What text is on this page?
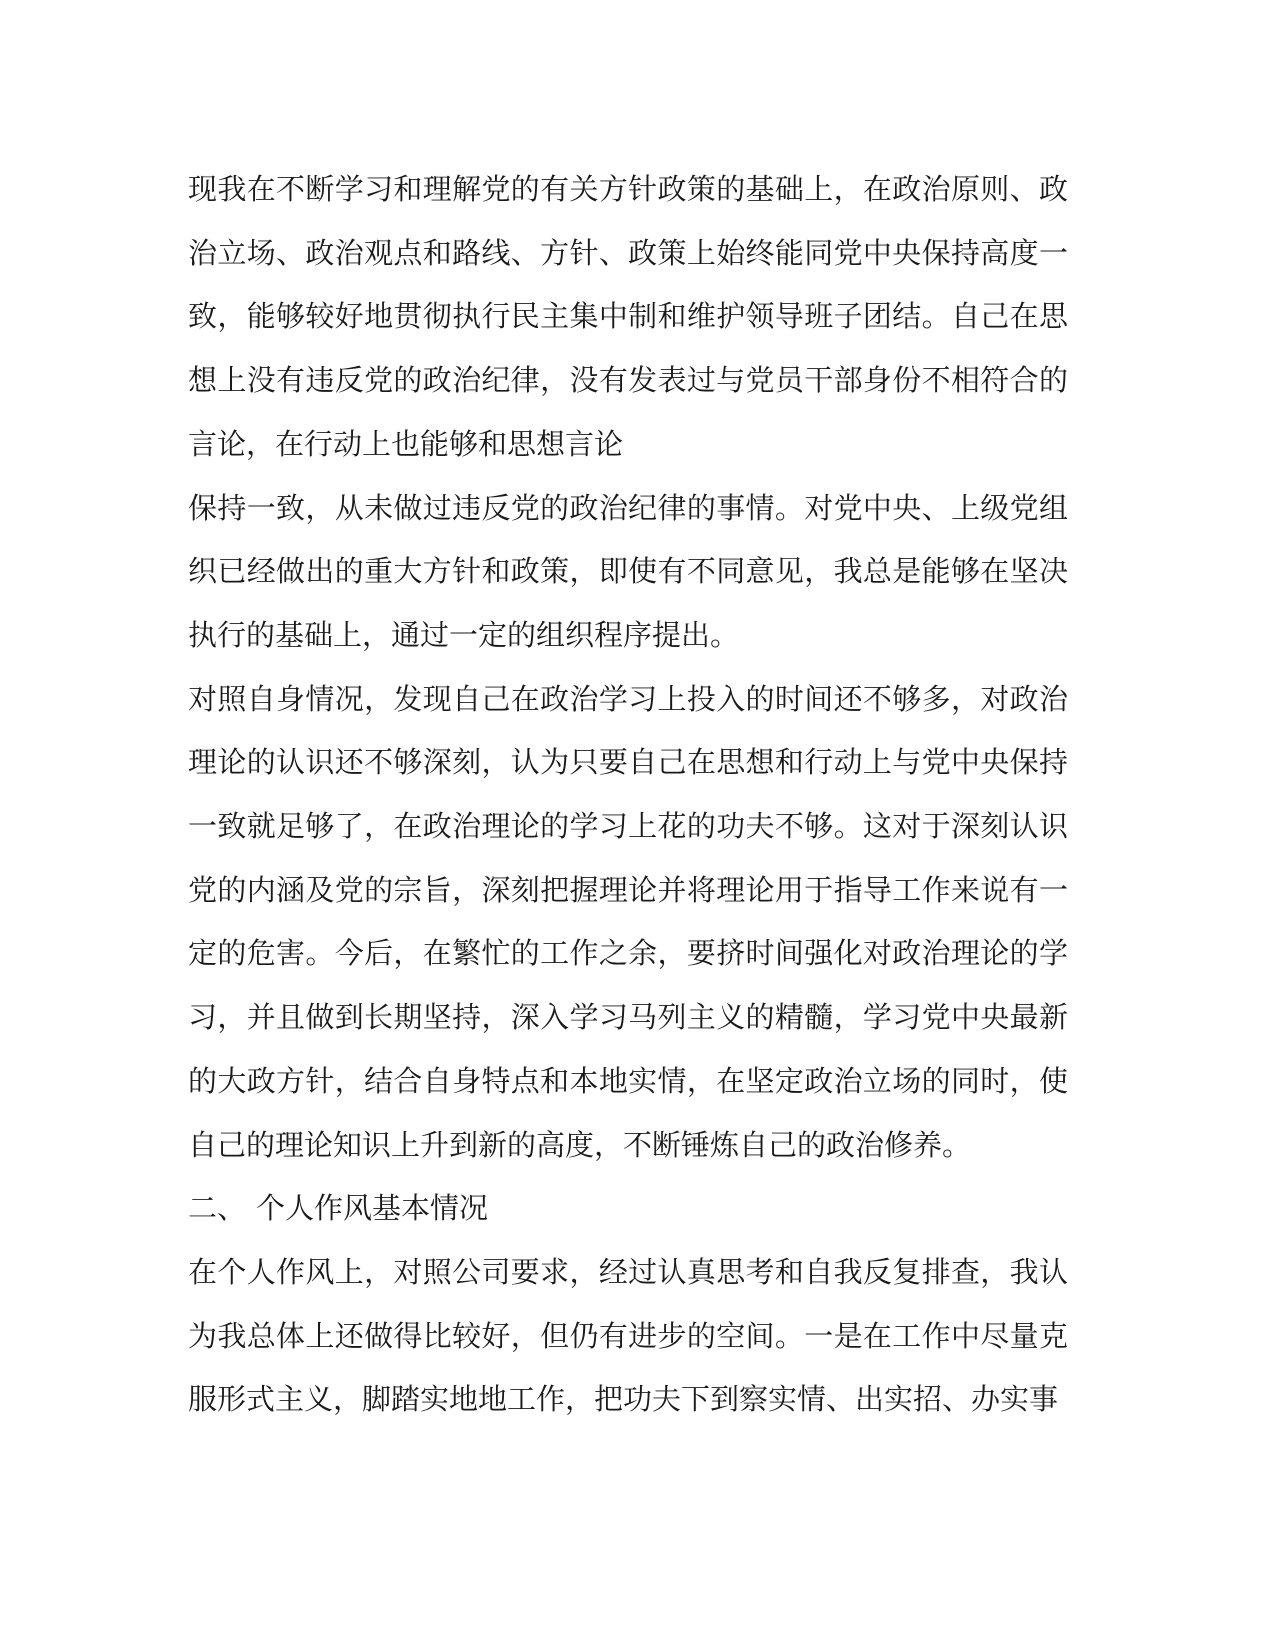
现我在不断学习和理解党的有关方针政策的基础上，在政治原则、政治立场、政治观点和路线、方针、政策上始终能同党中央保持高度一致，能够较好地贯彻执行民主集中制和维护领导班子团结。自己在思想上没有违反党的政治纪律，没有发表过与党员干部身份不相符合的言论，在行动上也能够和思想言论

保持一致，从未做过违反党的政治纪律的事情。对党中央、上级党组织已经做出的重大方针和政策，即使有不同意见，我总是能够在坚决执行的基础上，通过一定的组织程序提出。

对照自身情况，发现自己在政治学习上投入的时间还不够多，对政治理论的认识还不够深刻，认为只要自己在思想和行动上与党中央保持一致就足够了，在政治理论的学习上花的功夫不够。这对于深刻认识党的内涵及党的宗旨，深刻把握理论并将理论用于指导工作来说有一定的危害。今后，在繁忙的工作之余，要挤时间强化对政治理论的学习，并且做到长期坚持，深入学习马列主义的精髓，学习党中央最新的大政方针，结合自身特点和本地实情，在坚定政治立场的同时，使自己的理论知识上升到新的高度，不断锤炼自己的政治修养。

二、 个人作风基本情况

在个人作风上，对照公司要求，经过认真思考和自我反复排查，我认为我总体上还做得比较好，但仍有进步的空间。一是在工作中尽量克服形式主义，脚踏实地地工作，把功夫下到察实情、出实招、办实事
